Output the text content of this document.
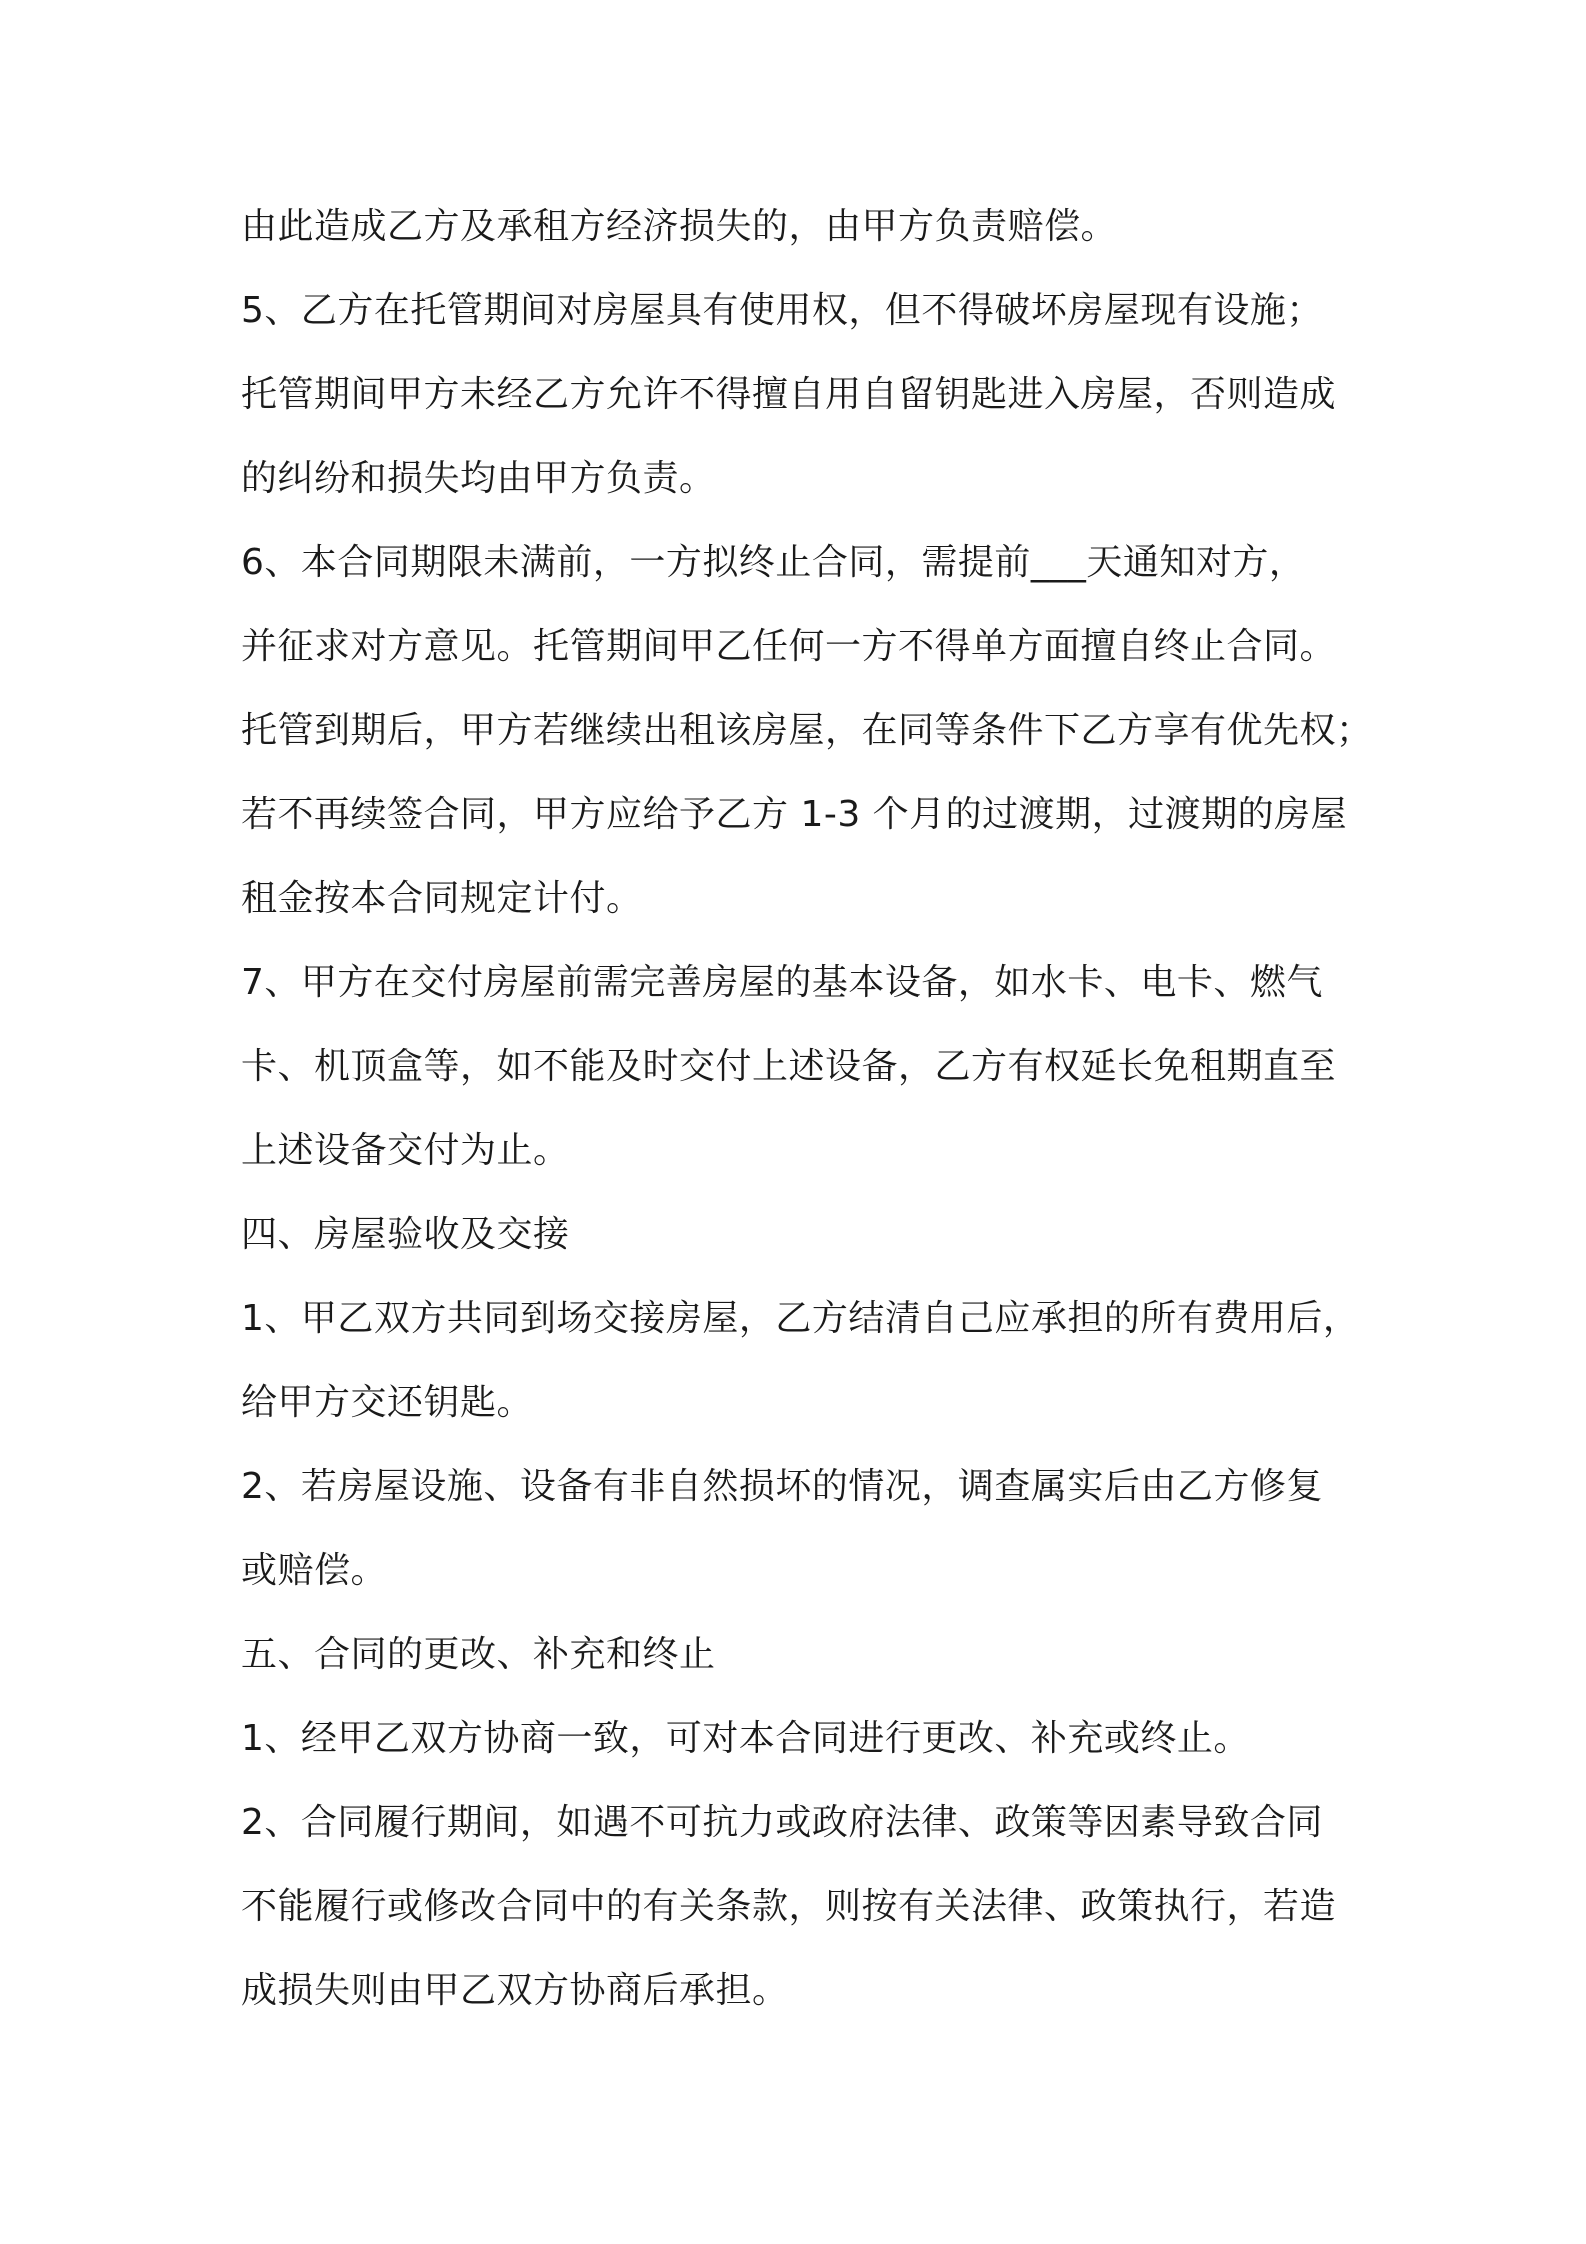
由此造成乙方及承租方经济损失的，由甲方负责赔偿。
5、乙方在托管期间对房屋具有使用权，但不得破坏房屋现有设施；
托管期间甲方未经乙方允许不得擅自用自留钥匙进入房屋，否则造成
的纠纷和损失均由甲方负责。
6、本合同期限未满前，一方拟终止合同，需提前___天通知对方，
并征求对方意见。托管期间甲乙任何一方不得单方面擅自终止合同。
托管到期后，甲方若继续出租该房屋，在同等条件下乙方享有优先权；
若不再续签合同，甲方应给予乙方 1-3 个月的过渡期，过渡期的房屋
租金按本合同规定计付。
7、甲方在交付房屋前需完善房屋的基本设备，如水卡、电卡、燃气
卡、机顶盒等，如不能及时交付上述设备，乙方有权延长免租期直至
上述设备交付为止。
四、房屋验收及交接
1、甲乙双方共同到场交接房屋，乙方结清自己应承担的所有费用后，
给甲方交还钥匙。
2、若房屋设施、设备有非自然损坏的情况，调查属实后由乙方修复
或赔偿。
五、合同的更改、补充和终止
1、经甲乙双方协商一致，可对本合同进行更改、补充或终止。
2、合同履行期间，如遇不可抗力或政府法律、政策等因素导致合同
不能履行或修改合同中的有关条款，则按有关法律、政策执行，若造
成损失则由甲乙双方协商后承担。
